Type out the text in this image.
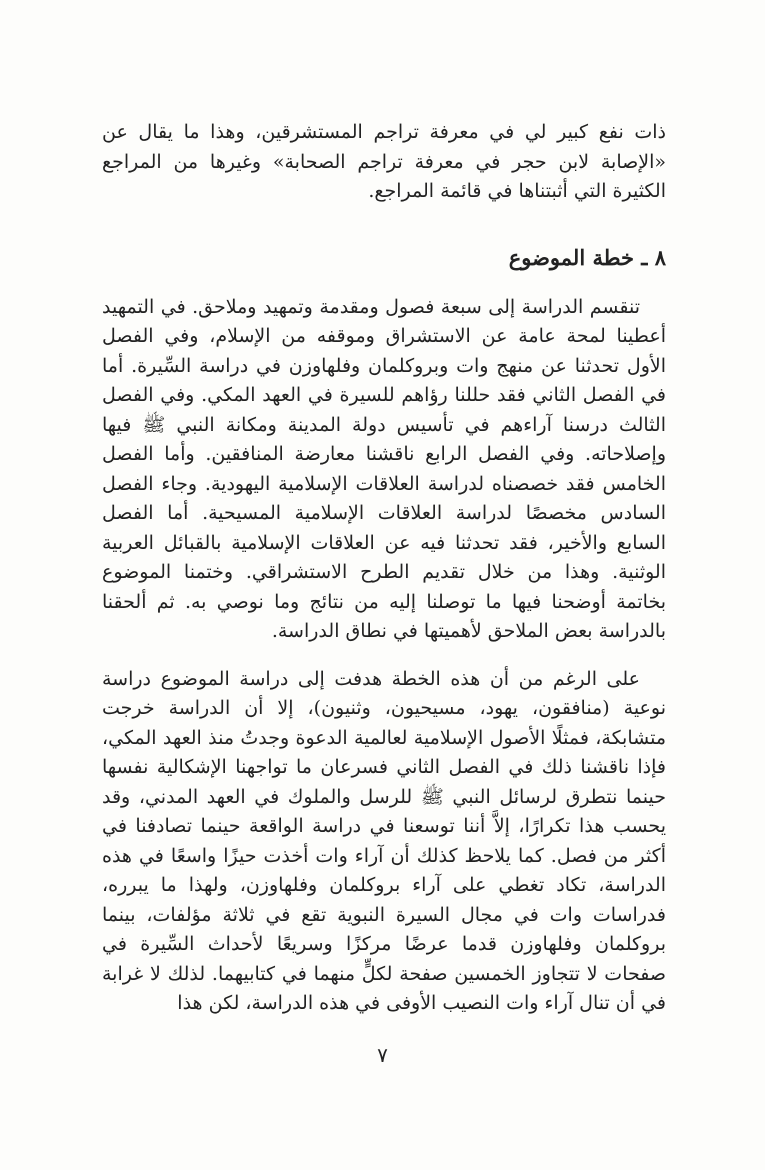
ذات نفع كبير لي في معرفة تراجم المستشرقين، وهذا ما يقال عن «الإصابة لابن حجر في معرفة تراجم الصحابة» وغيرها من المراجع الكثيرة التي أثبتناها في قائمة المراجع.

٨ ـ خطة الموضوع

تنقسم الدراسة إلى سبعة فصول ومقدمة وتمهيد وملاحق. في التمهيد أعطينا لمحة عامة عن الاستشراق وموقفه من الإسلام، وفي الفصل الأول تحدثنا عن منهج وات وبروكلمان وفلهاوزن في دراسة السِّيرة. أما في الفصل الثاني فقد حللنا رؤاهم للسيرة في العهد المكي. وفي الفصل الثالث درسنا آراءهم في تأسيس دولة المدينة ومكانة النبي ﷺ فيها وإصلاحاته. وفي الفصل الرابع ناقشنا معارضة المنافقين. وأما الفصل الخامس فقد خصصناه لدراسة العلاقات الإسلامية اليهودية. وجاء الفصل السادس مخصصًا لدراسة العلاقات الإسلامية المسيحية. أما الفصل السابع والأخير، فقد تحدثنا فيه عن العلاقات الإسلامية بالقبائل العربية الوثنية. وهذا من خلال تقديم الطرح الاستشراقي. وختمنا الموضوع بخاتمة أوضحنا فيها ما توصلنا إليه من نتائج وما نوصي به. ثم ألحقنا بالدراسة بعض الملاحق لأهميتها في نطاق الدراسة.

على الرغم من أن هذه الخطة هدفت إلى دراسة الموضوع دراسة نوعية (منافقون، يهود، مسيحيون، وثنيون)، إلا أن الدراسة خرجت متشابكة، فمثلًا الأصول الإسلامية لعالمية الدعوة وجدتُ منذ العهد المكي، فإذا ناقشنا ذلك في الفصل الثاني فسرعان ما تواجهنا الإشكالية نفسها حينما نتطرق لرسائل النبي ﷺ للرسل والملوك في العهد المدني، وقد يحسب هذا تكرارًا، إلاَّ أننا توسعنا في دراسة الواقعة حينما تصادفنا في أكثر من فصل. كما يلاحظ كذلك أن آراء وات أخذت حيزًا واسعًا في هذه الدراسة، تكاد تغطي على آراء بروكلمان وفلهاوزن، ولهذا ما يبرره، فدراسات وات في مجال السيرة النبوية تقع في ثلاثة مؤلفات، بينما بروكلمان وفلهاوزن قدما عرضًا مركزًا وسريعًا لأحداث السِّيرة في صفحات لا تتجاوز الخمسين صفحة لكلٍّ منهما في كتابيهما. لذلك لا غرابة في أن تنال آراء وات النصيب الأوفى في هذه الدراسة، لكن هذا

٧
